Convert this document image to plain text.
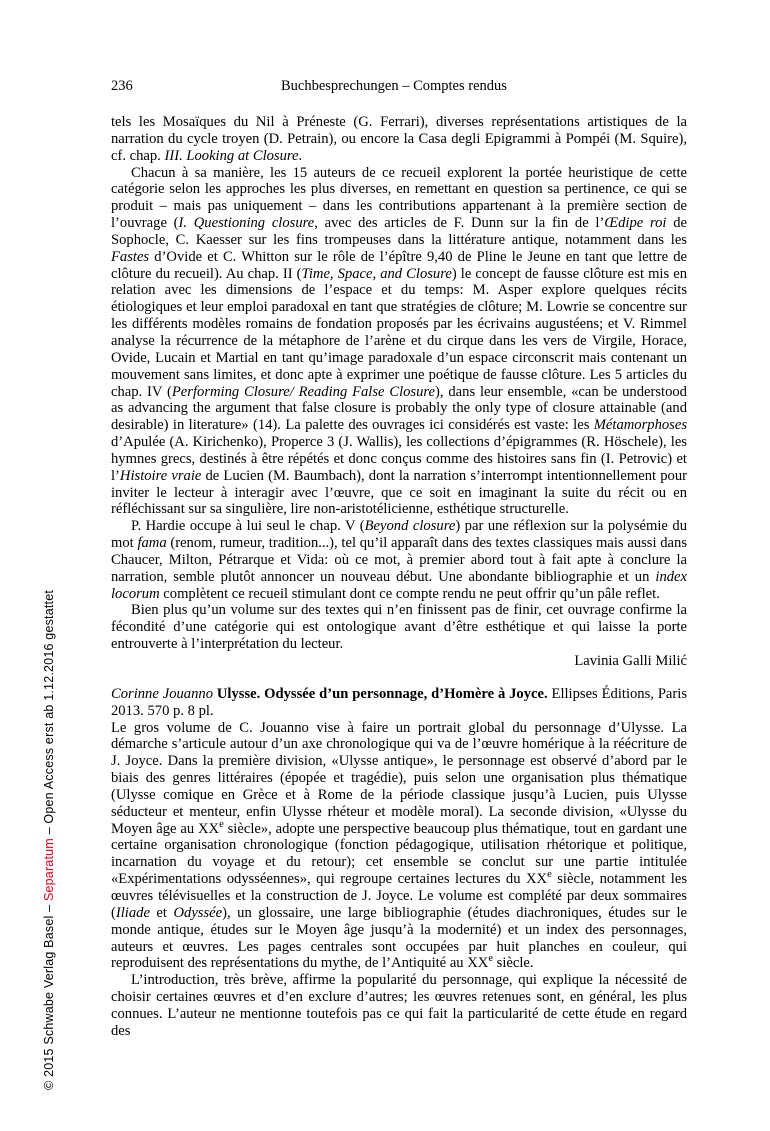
© 2015 Schwabe Verlag Basel – Separatum – Open Access erst ab 1.12.2016 gestattet
236	Buchbesprechungen – Comptes rendus

tels les Mosaïques du Nil à Préneste (G. Ferrari), diverses représentations artistiques de la narration du cycle troyen (D. Petrain), ou encore la Casa degli Epigrammi à Pompéi (M. Squire), cf. chap. III. Looking at Closure.

Chacun à sa manière, les 15 auteurs de ce recueil explorent la portée heuristique de cette catégorie selon les approches les plus diverses, en remettant en question sa pertinence, ce qui se produit – mais pas uniquement – dans les contributions appartenant à la première section de l’ouvrage (I. Questioning closure, avec des articles de F. Dunn sur la fin de l’Œdipe roi de Sophocle, C. Kaesser sur les fins trompeuses dans la littérature antique, notamment dans les Fastes d’Ovide et C. Whitton sur le rôle de l’épître 9,40 de Pline le Jeune en tant que lettre de clôture du recueil). Au chap. II (Time, Space, and Closure) le concept de fausse clôture est mis en relation avec les dimensions de l’espace et du temps: M. Asper explore quelques récits étiologiques et leur emploi paradoxal en tant que stratégies de clôture; M. Lowrie se concentre sur les différents modèles romains de fondation proposés par les écrivains augustéens; et V. Rimmel analyse la récurrence de la métaphore de l’arène et du cirque dans les vers de Virgile, Horace, Ovide, Lucain et Martial en tant qu’image paradoxale d’un espace circonscrit mais contenant un mouvement sans limites, et donc apte à exprimer une poétique de fausse clôture. Les 5 articles du chap. IV (Performing Closure/ Reading False Closure), dans leur ensemble, «can be understood as advancing the argument that false closure is probably the only type of closure attainable (and desirable) in literature» (14). La palette des ouvrages ici considérés est vaste: les Métamorphoses d’Apulée (A. Kirichenko), Properce 3 (J. Wallis), les collections d’épigrammes (R. Höschele), les hymnes grecs, destinés à être répétés et donc conçus comme des histoires sans fin (I. Petrovic) et l’Histoire vraie de Lucien (M. Baumbach), dont la narration s’interrompt intentionnellement pour inviter le lecteur à interagir avec l’œuvre, que ce soit en imaginant la suite du récit ou en réfléchissant sur sa singulière, lire non-aristotélicienne, esthétique structurelle.

P. Hardie occupe à lui seul le chap. V (Beyond closure) par une réflexion sur la polysémie du mot fama (renom, rumeur, tradition...), tel qu’il apparaît dans des textes classiques mais aussi dans Chaucer, Milton, Pétrarque et Vida: où ce mot, à premier abord tout à fait apte à conclure la narration, semble plutôt annoncer un nouveau début. Une abondante bibliographie et un index locorum complètent ce recueil stimulant dont ce compte rendu ne peut offrir qu’un pâle reflet.

Bien plus qu’un volume sur des textes qui n’en finissent pas de finir, cet ouvrage confirme la fécondité d’une catégorie qui est ontologique avant d’être esthétique et qui laisse la porte entrouverte à l’interprétation du lecteur.

Lavinia Galli Milić

Corinne Jouanno Ulysse. Odyssée d’un personnage, d’Homère à Joyce. Ellipses Éditions, Paris 2013. 570 p. 8 pl.

Le gros volume de C. Jouanno vise à faire un portrait global du personnage d’Ulysse. La démarche s’articule autour d’un axe chronologique qui va de l’œuvre homérique à la réécriture de J. Joyce. Dans la première division, «Ulysse antique», le personnage est observé d’abord par le biais des genres littéraires (épopée et tragédie), puis selon une organisation plus thématique (Ulysse comique en Grèce et à Rome de la période classique jusqu’à Lucien, puis Ulysse séducteur et menteur, enfin Ulysse rhéteur et modèle moral). La seconde division, «Ulysse du Moyen âge au XXe siècle», adopte une perspective beaucoup plus thématique, tout en gardant une certaine organisation chronologique (fonction pédagogique, utilisation rhétorique et politique, incarnation du voyage et du retour); cet ensemble se conclut sur une partie intitulée «Expérimentations odysséennes», qui regroupe certaines lectures du XXe siècle, notamment les œuvres télévisuelles et la construction de J. Joyce. Le volume est complété par deux sommaires (Iliade et Odyssée), un glossaire, une large bibliographie (études diachroniques, études sur le monde antique, études sur le Moyen âge jusqu’à la modernité) et un index des personnages, auteurs et œuvres. Les pages centrales sont occupées par huit planches en couleur, qui reproduisent des représentations du mythe, de l’Antiquité au XXe siècle.

L’introduction, très brève, affirme la popularité du personnage, qui explique la nécessité de choisir certaines œuvres et d’en exclure d’autres; les œuvres retenues sont, en général, les plus connues. L’auteur ne mentionne toutefois pas ce qui fait la particularité de cette étude en regard des
